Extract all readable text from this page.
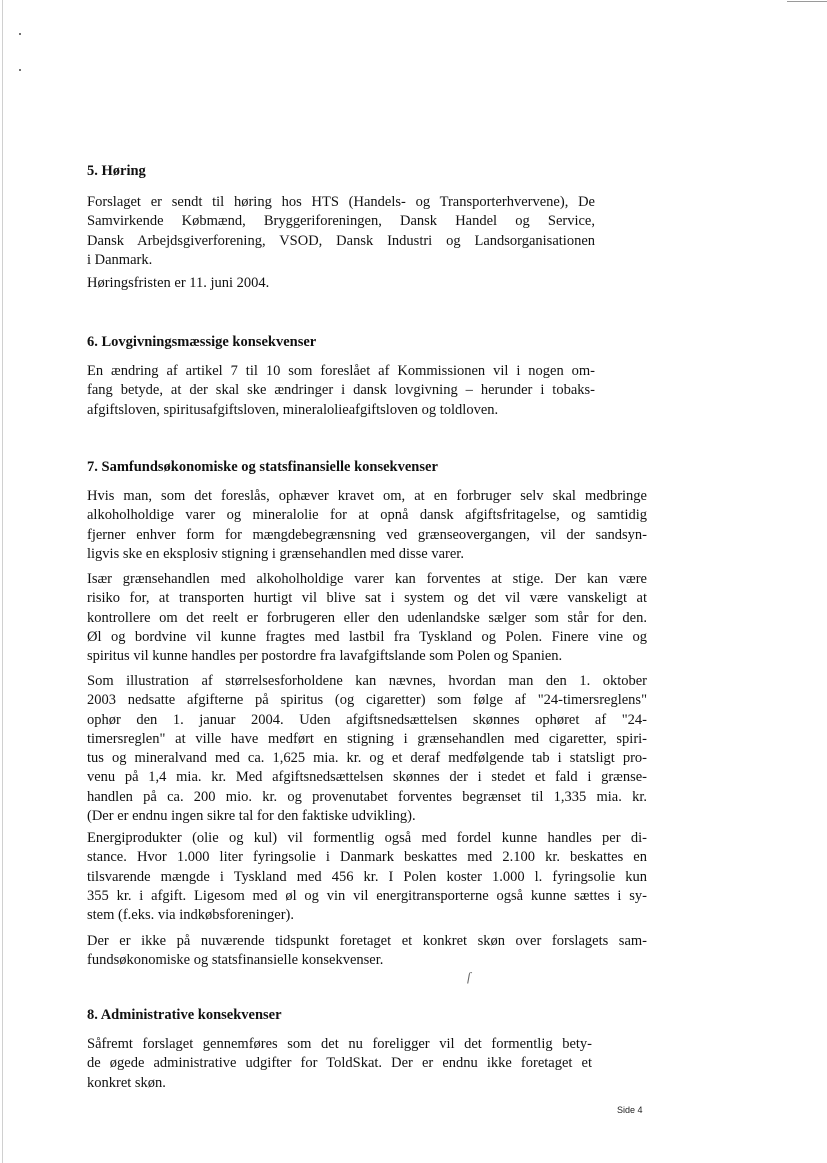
5. Høring

Forslaget er sendt til høring hos HTS (Handels- og Transporterhvervene), De
Samvirkende Købmænd, Bryggeriforeningen, Dansk Handel og Service,
Dansk Arbejdsgiverforening, VSOD, Dansk Industri og Landsorganisationen
i Danmark.

Høringsfristen er 11. juni 2004.

6. Lovgivningsmæssige konsekvenser

En ændring af artikel 7 til 10 som foreslået af Kommissionen vil i nogen om-
fang betyde, at der skal ske ændringer i dansk lovgivning – herunder i tobaks-
afgiftsloven, spiritusafgiftsloven, mineralolieafgiftsloven og toldloven.

7. Samfundsøkonomiske og statsfinansielle konsekvenser

Hvis man, som det foreslås, ophæver kravet om, at en forbruger selv skal medbringe
alkoholholdige varer og mineralolie for at opnå dansk afgiftsfritagelse, og samtidig
fjerner enhver form for mængdebegrænsning ved grænseovergangen, vil der sandsyn-
ligvis ske en eksplosiv stigning i grænsehandlen med disse varer.

Især grænsehandlen med alkoholholdige varer kan forventes at stige. Der kan være
risiko for, at transporten hurtigt vil blive sat i system og det vil være vanskeligt at
kontrollere om det reelt er forbrugeren eller den udenlandske sælger som står for den.
Øl og bordvine vil kunne fragtes med lastbil fra Tyskland og Polen. Finere vine og
spiritus vil kunne handles per postordre fra lavafgiftslande som Polen og Spanien.

Som illustration af størrelsesforholdene kan nævnes, hvordan man den 1. oktober
2003 nedsatte afgifterne på spiritus (og cigaretter) som følge af "24-timersreglens"
ophør den 1. januar 2004. Uden afgiftsnedsættelsen skønnes ophøret af "24-
timersreglen" at ville have medført en stigning i grænsehandlen med cigaretter, spiri-
tus og mineralvand med ca. 1,625 mia. kr. og et deraf medfølgende tab i statsligt pro-
venu på 1,4 mia. kr. Med afgiftsnedsættelsen skønnes der i stedet et fald i grænse-
handlen på ca. 200 mio. kr. og provenutabet forventes begrænset til 1,335 mia. kr.
(Der er endnu ingen sikre tal for den faktiske udvikling).

Energiprodukter (olie og kul) vil formentlig også med fordel kunne handles per di-
stance. Hvor 1.000 liter fyringsolie i Danmark beskattes med 2.100 kr. beskattes en
tilsvarende mængde i Tyskland med 456 kr. I Polen koster 1.000 l. fyringsolie kun
355 kr. i afgift. Ligesom med øl og vin vil energitransporterne også kunne sættes i sy-
stem (f.eks. via indkøbsforeninger).

Der er ikke på nuværende tidspunkt foretaget et konkret skøn over forslagets sam-
fundsøkonomiske og statsfinansielle konsekvenser.

8. Administrative konsekvenser

Såfremt forslaget gennemføres som det nu foreligger vil det formentlig bety-
de øgede administrative udgifter for ToldSkat. Der er endnu ikke foretaget et
konkret skøn.

ſ
Side 4
